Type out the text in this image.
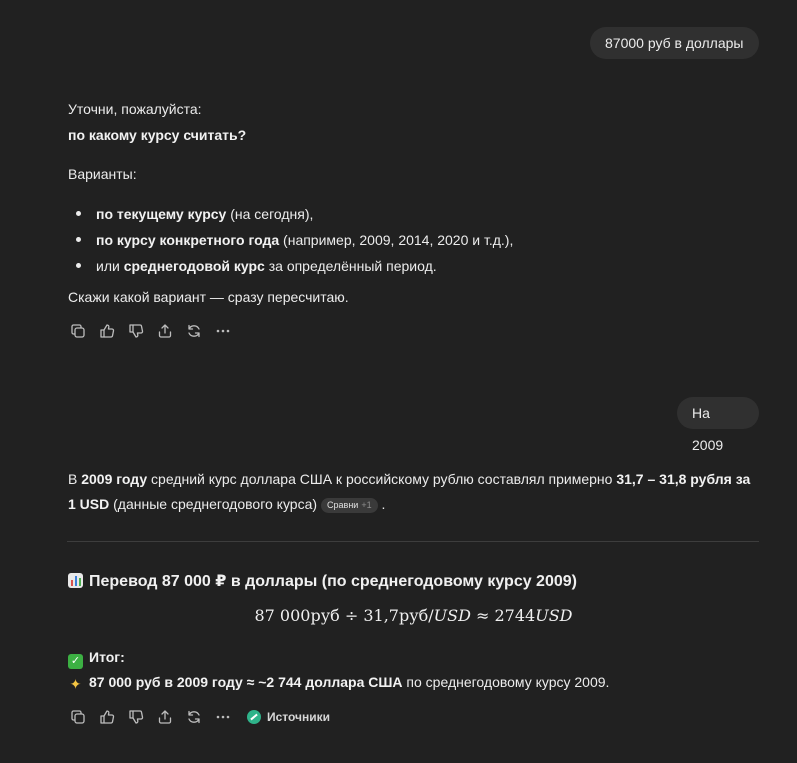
87000 руб в доллары
Уточни, пожалуйста:
по какому курсу считать?
Варианты:
по текущему курсу (на сегодня),
по курсу конкретного года (например, 2009, 2014, 2020 и т.д.),
или среднегодовой курс за определённый период.
Скажи какой вариант — сразу пересчитаю.
На 2009
В 2009 году средний курс доллара США к российскому рублю составлял примерно 31,7 – 31,8 рубля за
1 USD (данные среднегодового курса) Сравни +1 .
Перевод 87 000 ₽ в доллары (по среднегодовому курсу 2009)
87 000руб ÷ 31,7руб/USD ≈ 2744USD
✓ Итог:
✦ 87 000 руб в 2009 году ≈ ~2 744 доллара США по среднегодовому курсу 2009.
Источники
